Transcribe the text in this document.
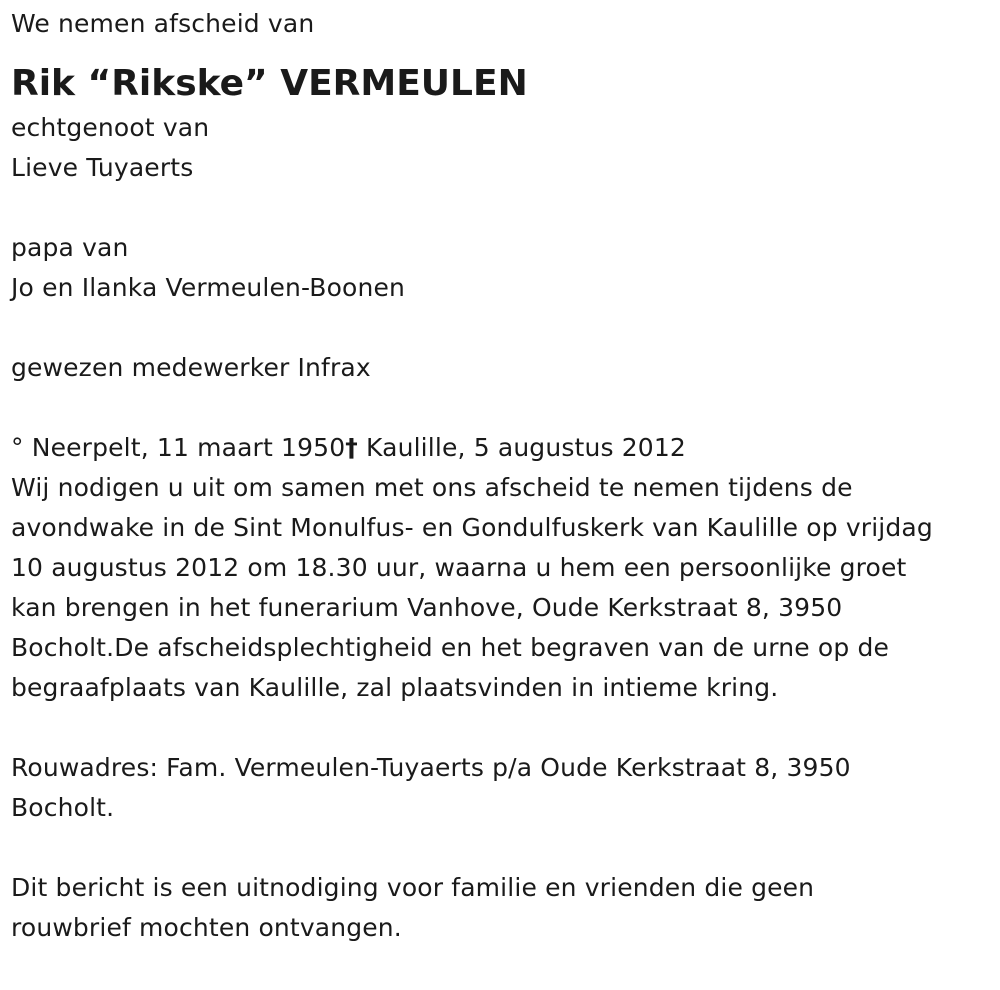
We nemen afscheid van
Rik “Rikske” VERMEULEN
echtgenoot van
Lieve Tuyaerts
papa van
Jo en Ilanka Vermeulen-Boonen
gewezen medewerker Infrax
° Neerpelt, 11 maart 1950† Kaulille, 5 augustus 2012
Wij nodigen u uit om samen met ons afscheid te nemen tijdens de
avondwake in de Sint Monulfus- en Gondulfuskerk van Kaulille op vrijdag
10 augustus 2012 om 18.30 uur, waarna u hem een persoonlijke groet
kan brengen in het funerarium Vanhove, Oude Kerkstraat 8, 3950
Bocholt.De afscheidsplechtigheid en het begraven van de urne op de
begraafplaats van Kaulille, zal plaatsvinden in intieme kring.
Rouwadres: Fam. Vermeulen-Tuyaerts p/a Oude Kerkstraat 8, 3950
Bocholt.
Dit bericht is een uitnodiging voor familie en vrienden die geen
rouwbrief mochten ontvangen.
